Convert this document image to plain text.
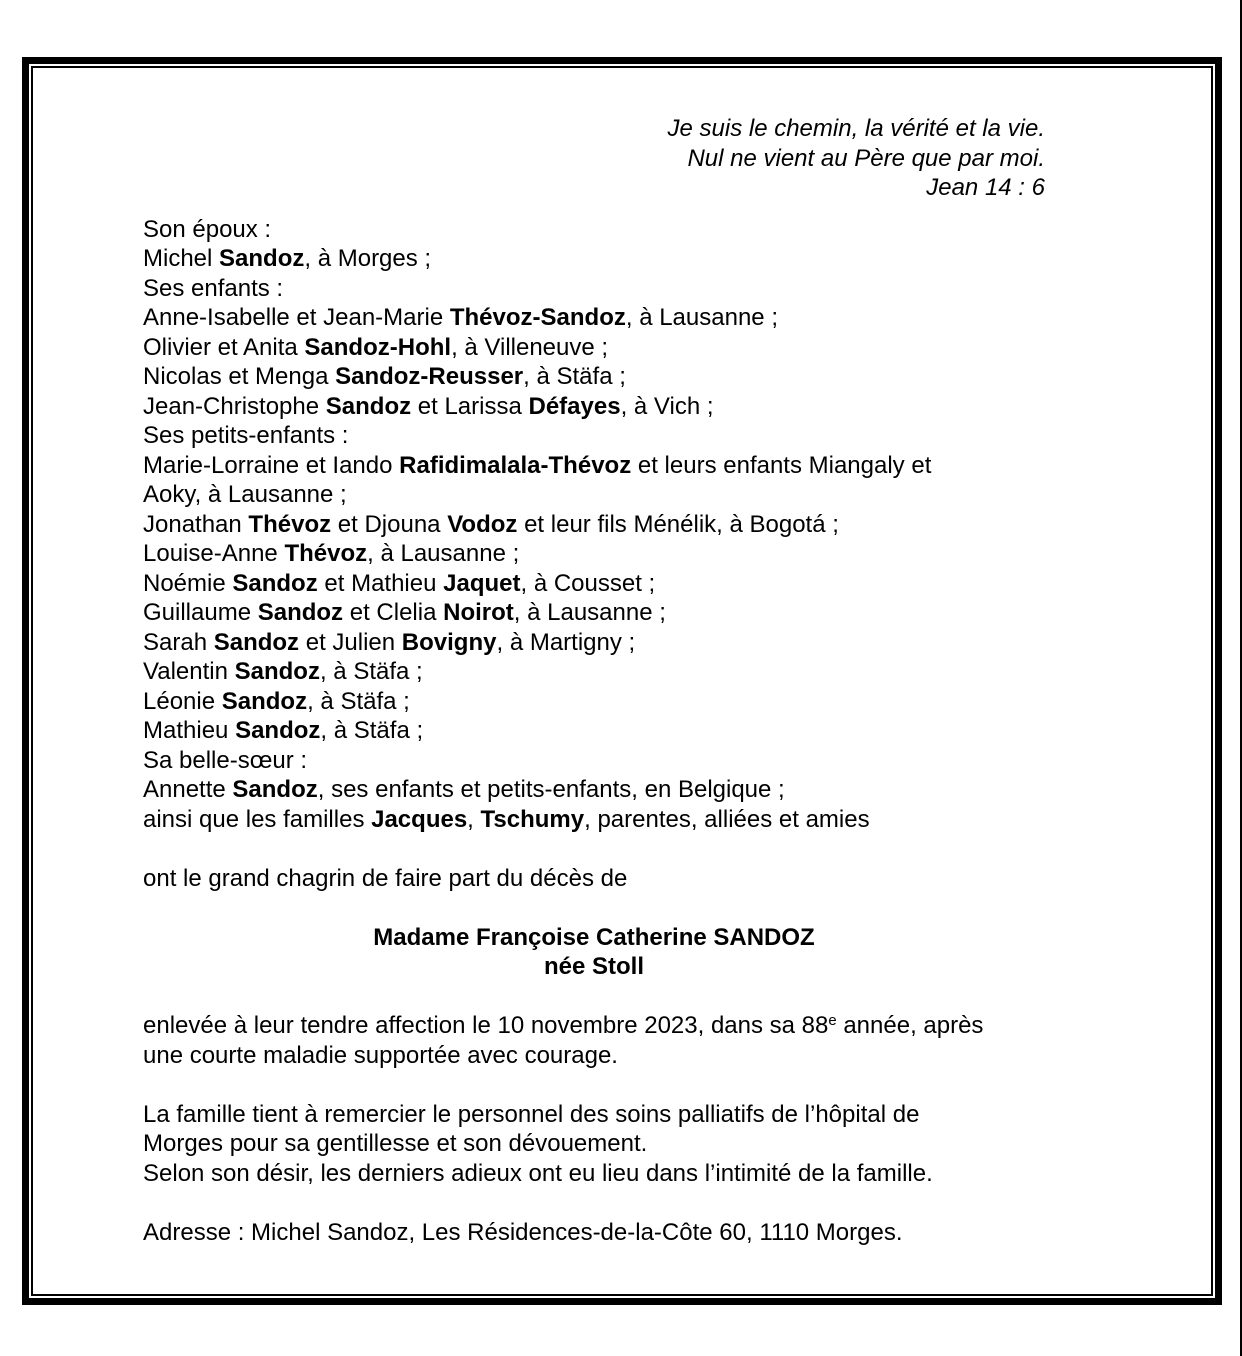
Je suis le chemin, la vérité et la vie.
Nul ne vient au Père que par moi.
Jean 14 : 6
Son époux :
Michel Sandoz, à Morges ;
Ses enfants :
Anne-Isabelle et Jean-Marie Thévoz-Sandoz, à Lausanne ;
Olivier et Anita Sandoz-Hohl, à Villeneuve ;
Nicolas et Menga Sandoz-Reusser, à Stäfa ;
Jean-Christophe Sandoz et Larissa Défayes, à Vich ;
Ses petits-enfants :
Marie-Lorraine et Iando Rafidimalala-Thévoz et leurs enfants Miangaly et
Aoky, à Lausanne ;
Jonathan Thévoz et Djouna Vodoz et leur fils Ménélik, à Bogotá ;
Louise-Anne Thévoz, à Lausanne ;
Noémie Sandoz et Mathieu Jaquet, à Cousset ;
Guillaume Sandoz et Clelia Noirot, à Lausanne ;
Sarah Sandoz et Julien Bovigny, à Martigny ;
Valentin Sandoz, à Stäfa ;
Léonie Sandoz, à Stäfa ;
Mathieu Sandoz, à Stäfa ;
Sa belle-sœur :
Annette Sandoz, ses enfants et petits-enfants, en Belgique ;
ainsi que les familles Jacques, Tschumy, parentes, alliées et amies
ont le grand chagrin de faire part du décès de
Madame Françoise Catherine SANDOZ
née Stoll
enlevée à leur tendre affection le 10 novembre 2023, dans sa 88e année, après
une courte maladie supportée avec courage.
La famille tient à remercier le personnel des soins palliatifs de l’hôpital de
Morges pour sa gentillesse et son dévouement.
Selon son désir, les derniers adieux ont eu lieu dans l’intimité de la famille.
Adresse : Michel Sandoz, Les Résidences-de-la-Côte 60, 1110 Morges.
